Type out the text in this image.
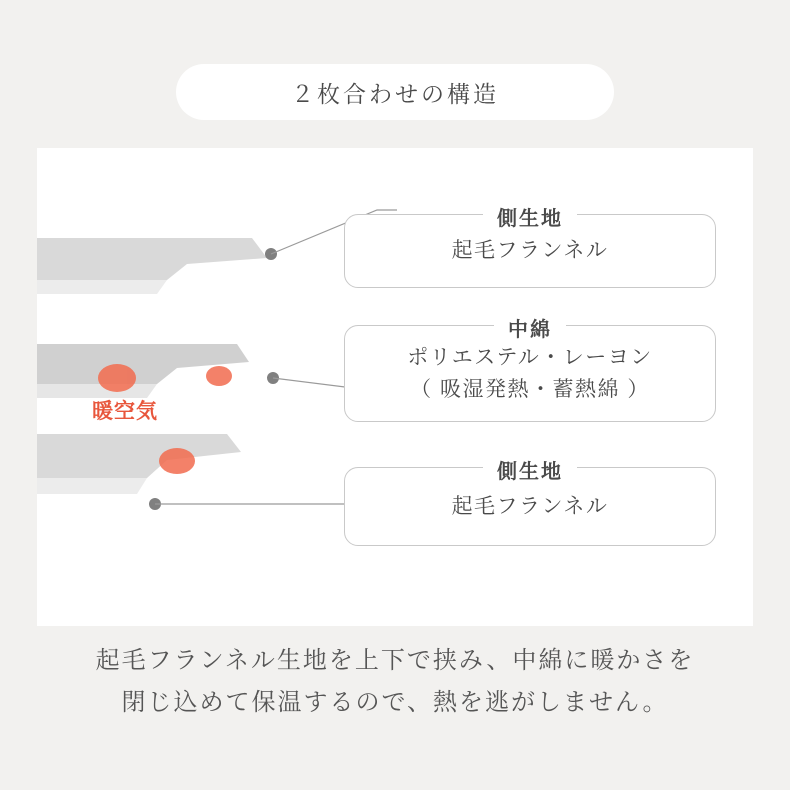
２枚合わせの構造
暖空気
側生地
起毛フランネル
中綿
ポリエステル・レーヨン
（ 吸湿発熱・蓄熱綿 ）
側生地
起毛フランネル
起毛フランネル生地を上下で挟み、中綿に暖かさを
閉じ込めて保温するので、熱を逃がしません。
